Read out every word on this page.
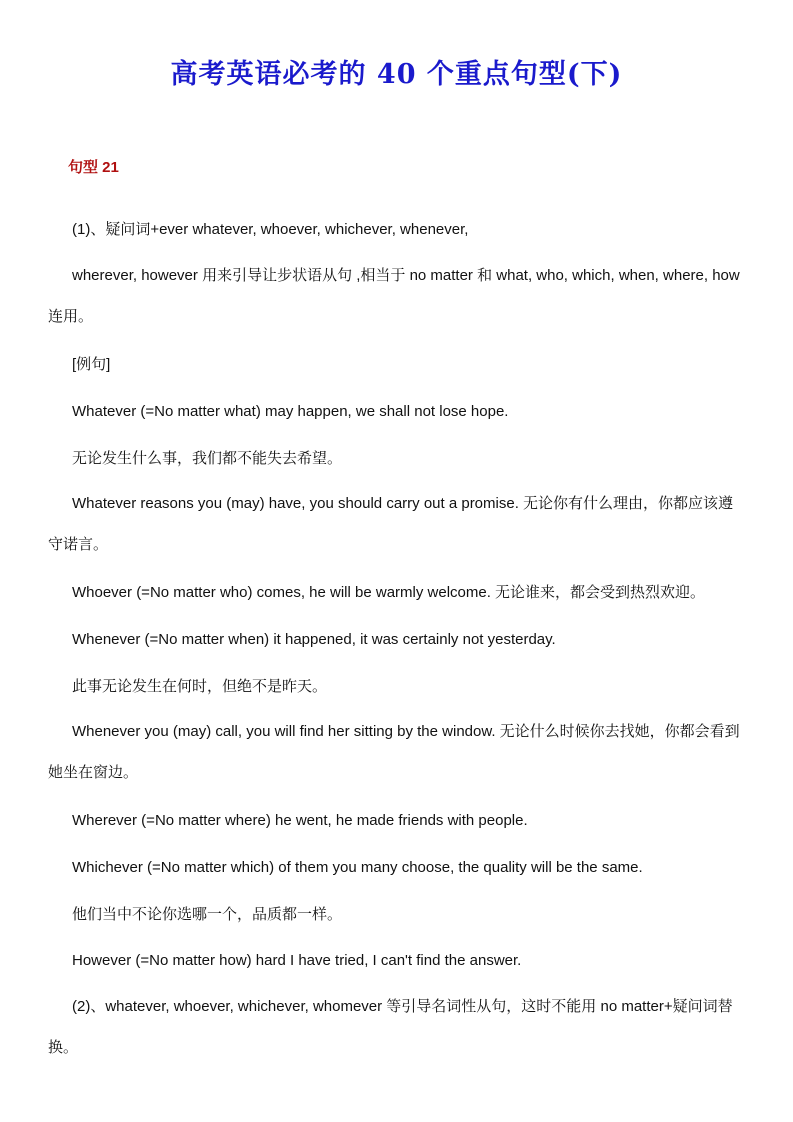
高考英语必考的 40 个重点句型(下)
句型 21
(1)、疑问词+ever whatever, whoever, whichever, whenever,
wherever, however 用来引导让步状语从句 ,相当于 no matter 和 what, who, which, when, where, how 连用。
[例句]
Whatever (=No matter what) may happen, we shall not lose hope.
无论发生什么事，我们都不能失去希望。
Whatever reasons you (may) have, you should carry out a promise. 无论你有什么理由，你都应该遵守诺言。
Whoever (=No matter who) comes, he will be warmly welcome. 无论谁来，都会受到热烈欢迎。
Whenever (=No matter when) it happened, it was certainly not yesterday.
此事无论发生在何时，但绝不是昨天。
Whenever you (may) call, you will find her sitting by the window. 无论什么时候你去找她，你都会看到她坐在窗边。
Wherever (=No matter where) he went, he made friends with people.
Whichever (=No matter which) of them you many choose, the quality will be the same.
他们当中不论你选哪一个，品质都一样。
However (=No matter how) hard I have tried, I can't find the answer.
(2)、whatever, whoever, whichever, whomever 等引导名词性从句，这时不能用 no matter+疑问词替换。
